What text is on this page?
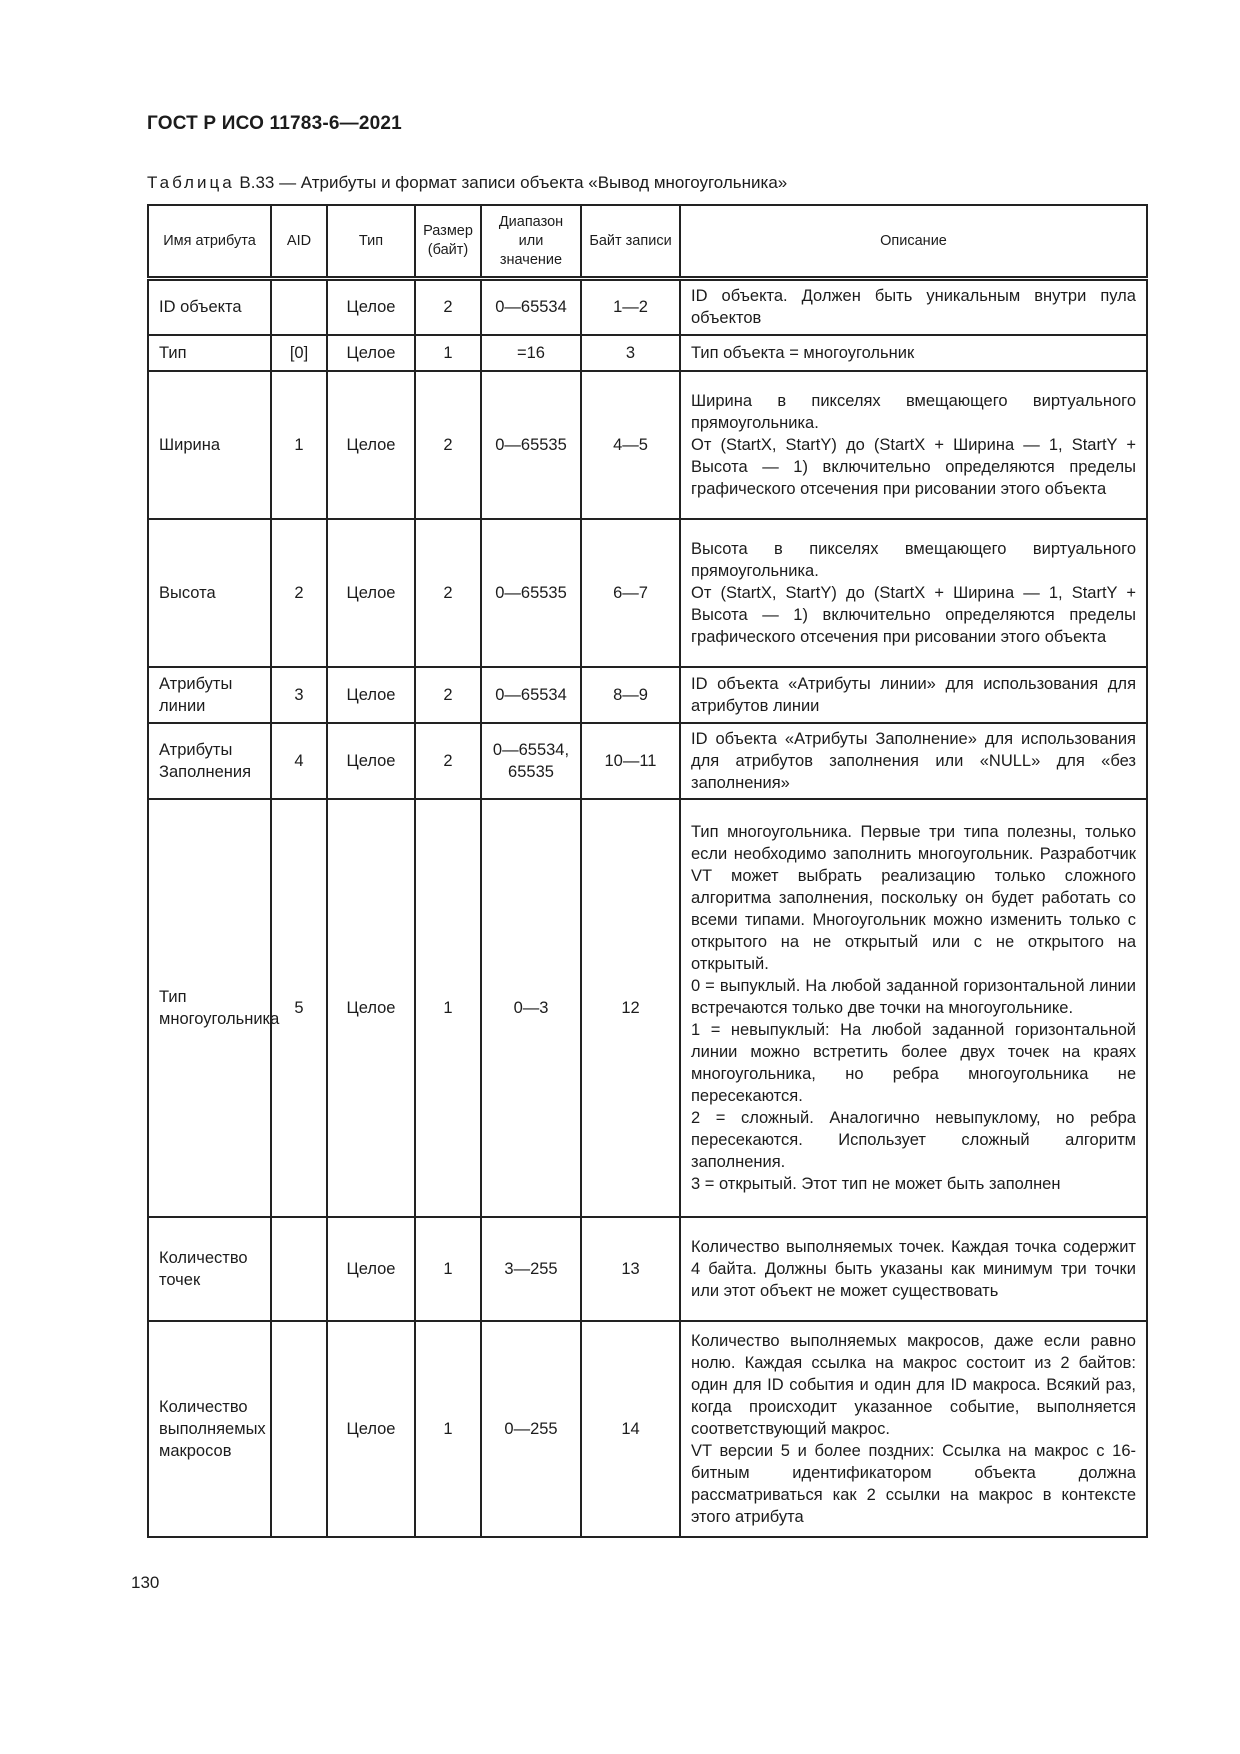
ГОСТ Р ИСО 11783-6—2021
Таблица В.33 — Атрибуты и формат записи объекта «Вывод многоугольника»
Имя атрибута	AID	Тип	Размер (байт)	Диапазон или значение	Байт записи	Описание
ID объекта		Целое	2	0—65534	1—2	ID объекта. Должен быть уникальным внутри пула объектов
Тип	[0]	Целое	1	=16	3	Тип объекта = многоугольник
Ширина	1	Целое	2	0—65535	4—5	Ширина в пикселях вмещающего виртуального прямоугольника.
От (StartX, StartY) до (StartX + Ширина — 1, StartY + Высота — 1) включительно определяются пределы графического отсечения при рисовании этого объекта
Высота	2	Целое	2	0—65535	6—7	Высота в пикселях вмещающего виртуального прямоугольника.
От (StartX, StartY) до (StartX + Ширина — 1, StartY + Высота — 1) включительно определяются пределы графического отсечения при рисовании этого объекта
Атрибуты линии	3	Целое	2	0—65534	8—9	ID объекта «Атрибуты линии» для использования для атрибутов линии
Атрибуты Заполнения	4	Целое	2	0—65534, 65535	10—11	ID объекта «Атрибуты Заполнение» для использования для атрибутов заполнения или «NULL» для «без заполнения»
Тип многоугольника	5	Целое	1	0—3	12	Тип многоугольника. Первые три типа полезны, только если необходимо заполнить многоугольник. Разработчик VT может выбрать реализацию только сложного алгоритма заполнения, поскольку он будет работать со всеми типами. Многоугольник можно изменить только с открытого на не открытый или с не открытого на открытый.
0 = выпуклый. На любой заданной горизонтальной линии встречаются только две точки на многоугольнике.
1 = невыпуклый: На любой заданной горизонтальной линии можно встретить более двух точек на краях многоугольника, но ребра многоугольника не пересекаются.
2 = сложный. Аналогично невыпуклому, но ребра пересекаются. Использует сложный алгоритм заполнения.
3 = открытый. Этот тип не может быть заполнен
Количество точек		Целое	1	3—255	13	Количество выполняемых точек. Каждая точка содержит 4 байта. Должны быть указаны как минимум три точки или этот объект не может существовать
Количество выполняемых макросов		Целое	1	0—255	14	Количество выполняемых макросов, даже если равно нолю. Каждая ссылка на макрос состоит из 2 байтов: один для ID события и один для ID макроса. Всякий раз, когда происходит указанное событие, выполняется соответствующий макрос.
VT версии 5 и более поздних: Ссылка на макрос с 16-битным идентификатором объекта должна рассматриваться как 2 ссылки на макрос в контексте этого атрибута
130
